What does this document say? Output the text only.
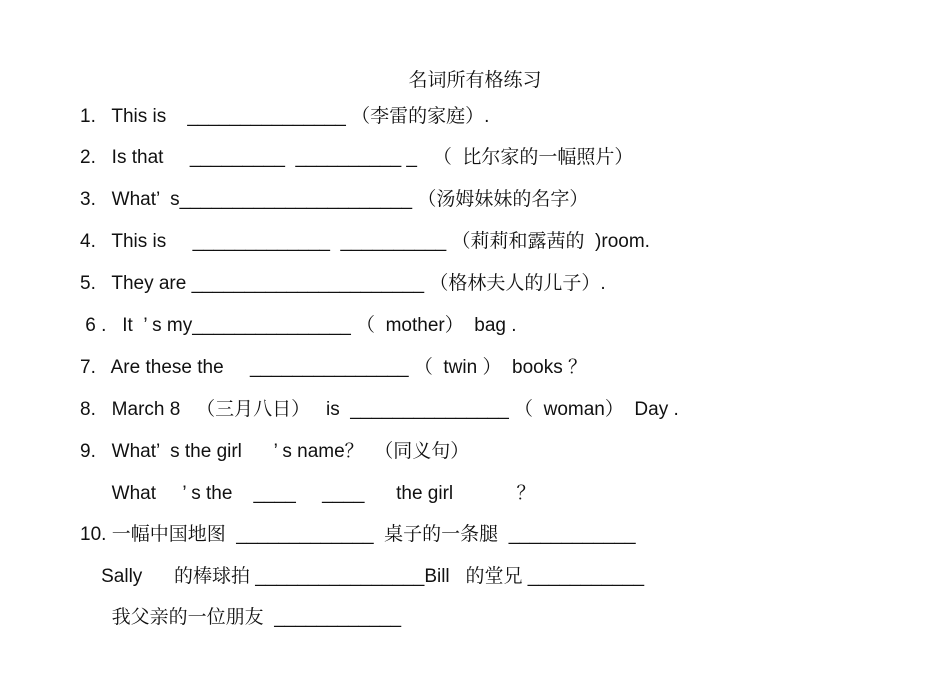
名词所有格练习
1.   This is    _______________ （李雷的家庭）.
2.   Is that     _________  __________ _   （  比尔家的一幅照片）
3.   What’  s______________________ （汤姆妹妹的名字）
4.   This is     _____________  __________ （莉莉和露茜的  )room.
5.   They are ______________________ （格林夫人的儿子）.
6 .   It  ’ s my_______________ （  mother）  bag .
7.   Are these the     _______________ （  twin ）  books ？
8.   March 8   （三月八日）   is  _______________ （  woman）  Day .
9.   What’  s the girl      ’ s name？  （同义句）
What     ’ s the    ____     ____      the girl            ？
10. 一幅中国地图  _____________  桌子的一条腿  ____________
Sally      的棒球拍 ________________Bill   的堂兄 ___________
我父亲的一位朋友  ____________
